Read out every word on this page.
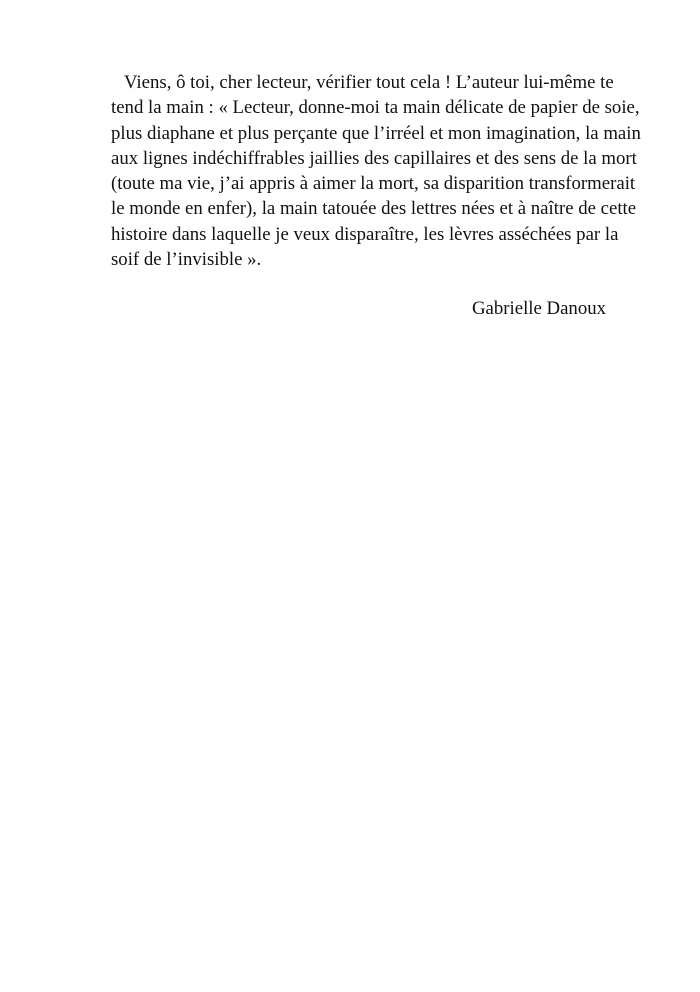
Viens, ô toi, cher lecteur, vérifier tout cela ! L’auteur lui-même te
tend la main : « Lecteur, donne-moi ta main délicate de papier de soie,
plus diaphane et plus perçante que l’irréel et mon imagination, la main
aux lignes indéchiffrables jaillies des capillaires et des sens de la mort
(toute ma vie, j’ai appris à aimer la mort, sa disparition transformerait
le monde en enfer), la main tatouée des lettres nées et à naître de cette
histoire dans laquelle je veux disparaître, les lèvres asséchées par la
soif de l’invisible ».

Gabrielle Danoux
